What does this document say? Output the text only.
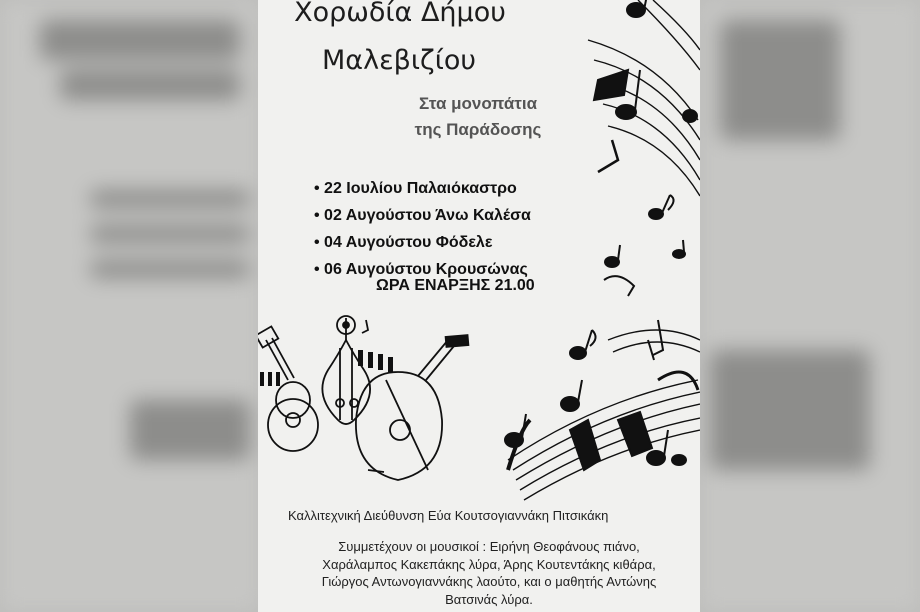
Χορωδία Δήμου
Μαλεβιζίου
Στα μονοπάτια
της Παράδοσης
• 22 Ιουλίου Παλαιόκαστρο
• 02 Αυγούστου Άνω Καλέσα
• 04 Αυγούστου Φόδελε
• 06 Αυγούστου Κρουσώνας
ΩΡΑ ΕΝΑΡΞΗΣ 21.00
Καλλιτεχνική Διεύθυνση Εύα Κουτσογιαννάκη Πιτσικάκη
Συμμετέχουν οι μουσικοί : Ειρήνη Θεοφάνους πιάνο,
Χαράλαμπος Κακεπάκης λύρα, Άρης Κουτεντάκης κιθάρα,
Γιώργος Αντωνογιαννάκης λαούτο, και ο μαθητής Αντώνης
Βατσινάς λύρα.
